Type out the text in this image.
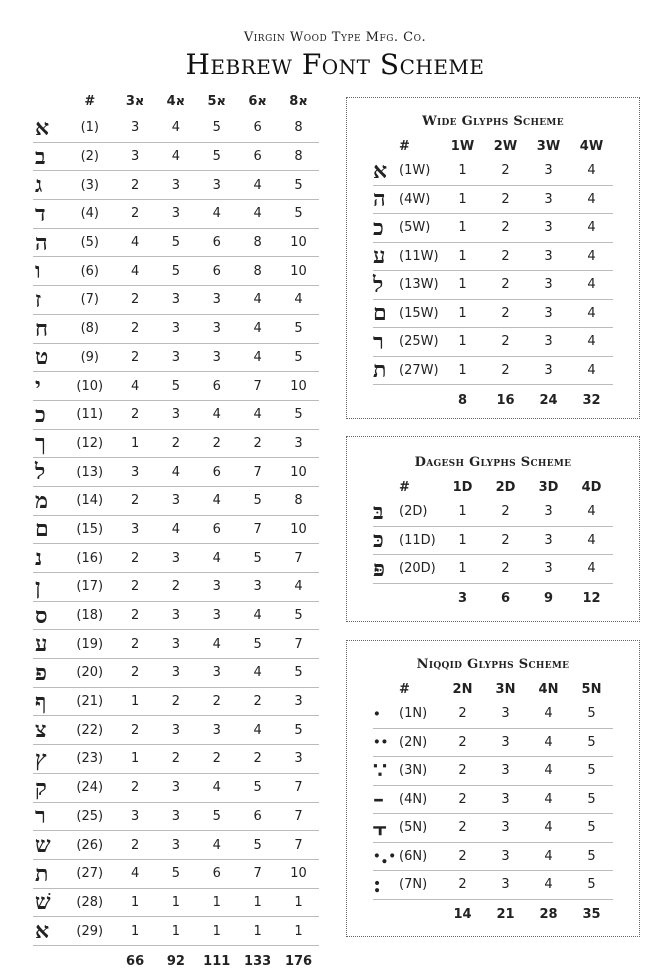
Virgin Wood Type Mfg. Co.
Hebrew Font Scheme
	#	3א	4א	5א	6א	8א
א	(1)	3	4	5	6	8
ב	(2)	3	4	5	6	8
ג	(3)	2	3	3	4	5
ד	(4)	2	3	4	4	5
ה	(5)	4	5	6	8	10
ו	(6)	4	5	6	8	10
ז	(7)	2	3	3	4	4
ח	(8)	2	3	3	4	5
ט	(9)	2	3	3	4	5
י	(10)	4	5	6	7	10
כ	(11)	2	3	4	4	5
ך	(12)	1	2	2	2	3
ל	(13)	3	4	6	7	10
מ	(14)	2	3	4	5	8
ם	(15)	3	4	6	7	10
נ	(16)	2	3	4	5	7
ן	(17)	2	2	3	3	4
ס	(18)	2	3	3	4	5
ע	(19)	2	3	4	5	7
פ	(20)	2	3	3	4	5
ף	(21)	1	2	2	2	3
צ	(22)	2	3	3	4	5
ץ	(23)	1	2	2	2	3
ק	(24)	2	3	4	5	7
ר	(25)	3	3	5	6	7
ש	(26)	2	3	4	5	7
ת	(27)	4	5	6	7	10
שׁ	(28)	1	1	1	1	1
ﬡ	(29)	1	1	1	1	1
		66	92	111	133	176
Wide Glyphs Scheme
	#	1W	2W	3W	4W
ﬡ	(1W)	1	2	3	4
ﬣ	(4W)	1	2	3	4
ﬤ	(5W)	1	2	3	4
ע	(11W)	1	2	3	4
ﬥ	(13W)	1	2	3	4
ﬦ	(15W)	1	2	3	4
ﬧ	(25W)	1	2	3	4
ﬨ	(27W)	1	2	3	4
		8	16	24	32
Dagesh Glyphs Scheme
	#	1D	2D	3D	4D
בּ	(2D)	1	2	3	4
כּ	(11D)	1	2	3	4
פּ	(20D)	1	2	3	4
		3	6	9	12
Niqqid Glyphs Scheme
	#	2N	3N	4N	5N
·	(1N)	2	3	4	5
··	(2N)	2	3	4	5
∵	(3N)	2	3	4	5
–	(4N)	2	3	4	5
⫟	(5N)	2	3	4	5
·.·	(6N)	2	3	4	5
:	(7N)	2	3	4	5
		14	21	28	35
